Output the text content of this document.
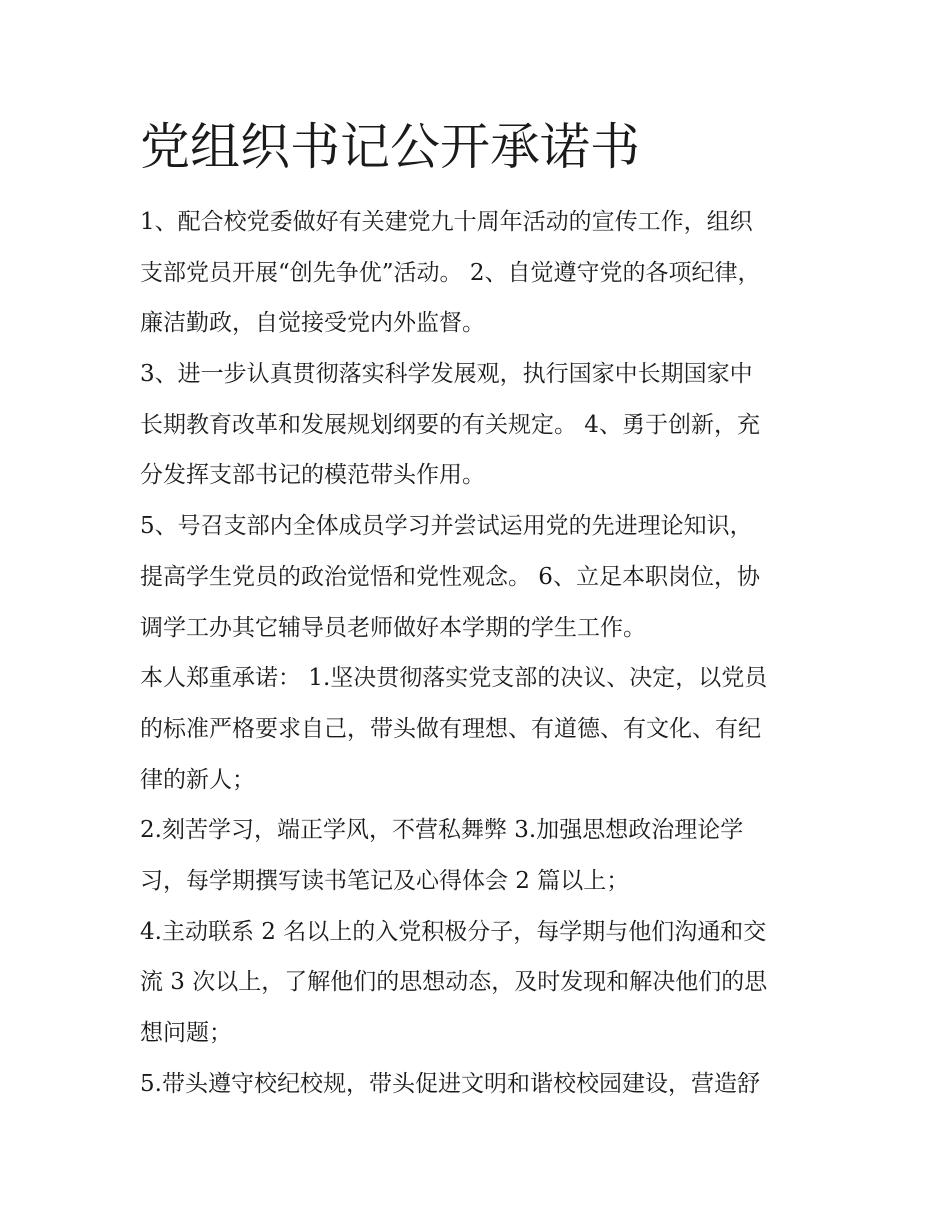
党组织书记公开承诺书
1、配合校党委做好有关建党九十周年活动的宣传工作，组织
支部党员开展“创先争优”活动。 2、自觉遵守党的各项纪律，
廉洁勤政，自觉接受党内外监督。
3、进一步认真贯彻落实科学发展观，执行国家中长期国家中
长期教育改革和发展规划纲要的有关规定。 4、勇于创新，充
分发挥支部书记的模范带头作用。
5、号召支部内全体成员学习并尝试运用党的先进理论知识，
提高学生党员的政治觉悟和党性观念。 6、立足本职岗位，协
调学工办其它辅导员老师做好本学期的学生工作。
本人郑重承诺： 1.坚决贯彻落实党支部的决议、决定，以党员
的标准严格要求自己，带头做有理想、有道德、有文化、有纪
律的新人；
2.刻苦学习，端正学风，不营私舞弊 3.加强思想政治理论学
习，每学期撰写读书笔记及心得体会 2 篇以上；
4.主动联系 2 名以上的入党积极分子，每学期与他们沟通和交
流 3 次以上，了解他们的思想动态，及时发现和解决他们的思
想问题；
5.带头遵守校纪校规，带头促进文明和谐校校园建设，营造舒
